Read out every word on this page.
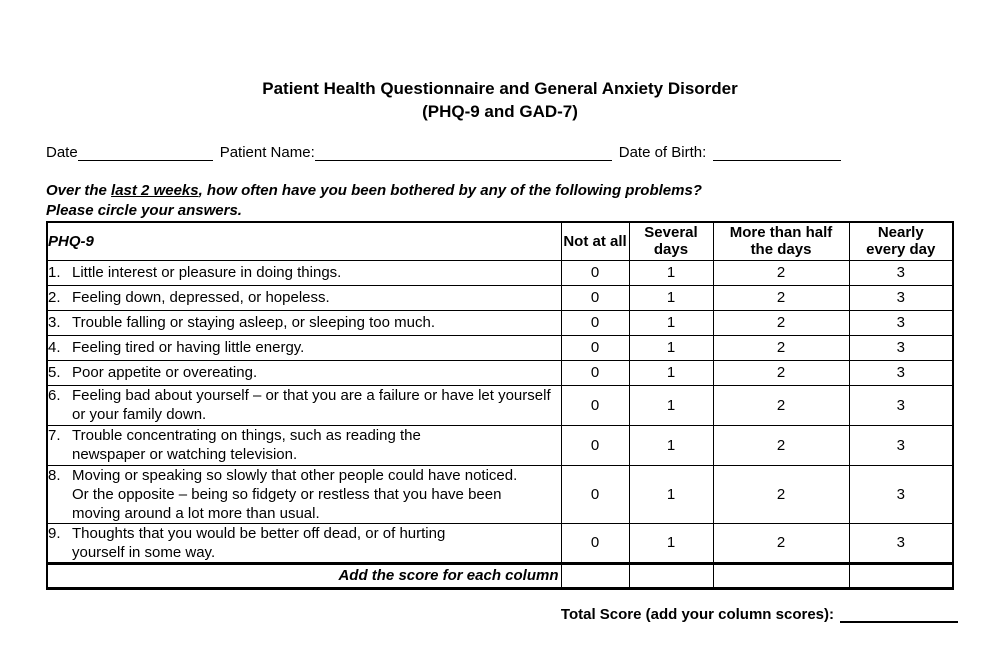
Patient Health Questionnaire and General Anxiety Disorder
(PHQ-9 and GAD-7)
Date	Patient Name:	Date of Birth:
Over the last 2 weeks, how often have you been bothered by any of the following problems?
Please circle your answers.
PHQ-9	Not at all	Several days	More than half the days	Nearly every day

1. Little interest or pleasure in doing things.	0	1	2	3

2. Feeling down, depressed, or hopeless.	0	1	2	3

3. Trouble falling or staying asleep, or sleeping too much.	0	1	2	3

4. Feeling tired or having little energy.	0	1	2	3

5. Poor appetite or overeating.	0	1	2	3

6. Feeling bad about yourself – or that you are a failure or have let yourself or your family down.	0	1	2	3

7. Trouble concentrating on things, such as reading the newspaper or watching television.	0	1	2	3

8. Moving or speaking so slowly that other people could have noticed. Or the opposite – being so fidgety or restless that you have been moving around a lot more than usual.	0	1	2	3

9. Thoughts that you would be better off dead, or of hurting yourself in some way.	0	1	2	3

Add the score for each column				

Total Score (add your column scores):
